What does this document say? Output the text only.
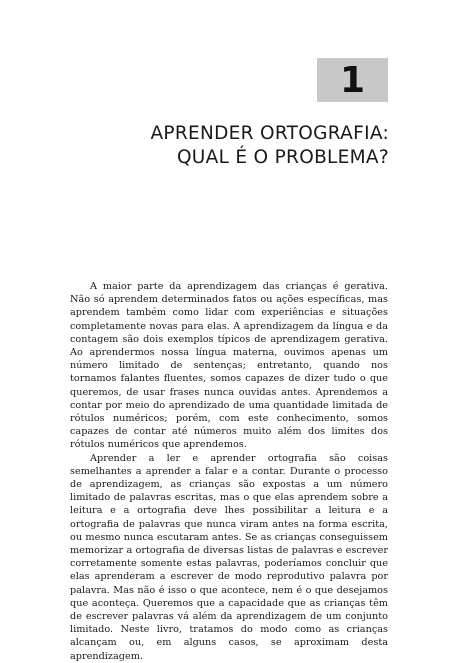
1
APRENDER ORTOGRAFIA:
QUAL É O PROBLEMA?

A maior parte da aprendizagem das crianças é gerativa. Não só aprendem determinados fatos ou ações específicas, mas aprendem também como lidar com experiências e situações completamente novas para elas. A aprendizagem da língua e da contagem são dois exemplos típicos de aprendizagem gerativa. Ao aprendermos nossa língua materna, ouvimos apenas um número limitado de sentenças; entretanto, quando nos tornamos falantes fluentes, somos capazes de dizer tudo o que queremos, de usar frases nunca ouvidas antes. Aprendemos a contar por meio do aprendizado de uma quantidade limitada de rótulos numéricos; porém, com este conhecimento, somos capazes de contar até números muito além dos limites dos rótulos numéricos que aprendemos.

Aprender a ler e aprender ortografia são coisas semelhantes a aprender a falar e a contar. Durante o processo de aprendizagem, as crianças são expostas a um número limitado de palavras escritas, mas o que elas aprendem sobre a leitura e a ortografia deve lhes possibilitar a leitura e a ortografia de palavras que nunca viram antes na forma escrita, ou mesmo nunca escutaram antes. Se as crianças conseguissem memorizar a ortografia de diversas listas de palavras e escrever corretamente somente estas palavras, poderíamos concluir que elas aprenderam a escrever de modo reprodutivo palavra por palavra. Mas não é isso o que acontece, nem é o que desejamos que aconteça. Queremos que a capacidade que as crianças têm de escrever palavras vá além da aprendizagem de um conjunto limitado. Neste livro, tratamos do modo como as crianças alcançam ou, em alguns casos, se aproximam desta aprendizagem.
